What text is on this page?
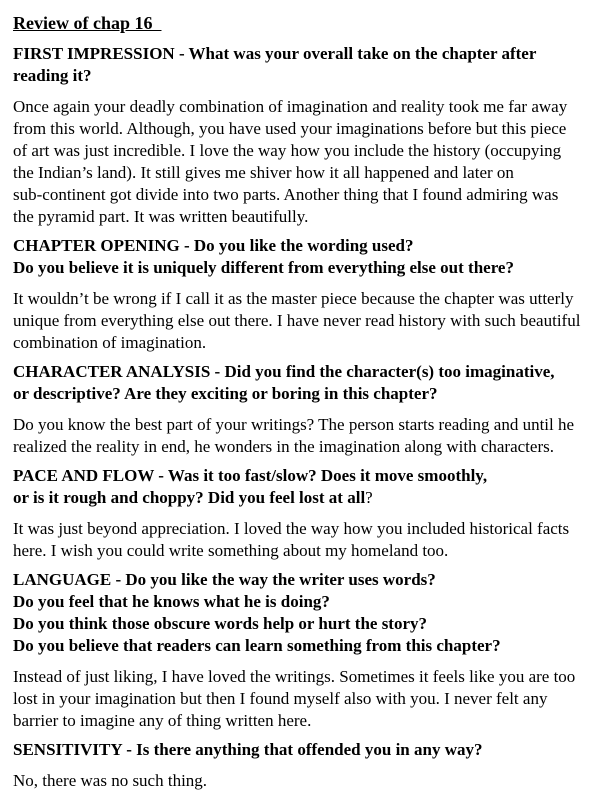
Review of chap 16
FIRST IMPRESSION - What was your overall take on the chapter after
reading it?
Once again your deadly combination of imagination and reality took me far away
from this world. Although, you have used your imaginations before but this piece
of art was just incredible. I love the way how you include the history (occupying
the Indian’s land). It still gives me shiver how it all happened and later on
sub-continent got divide into two parts. Another thing that I found admiring was
the pyramid part. It was written beautifully.
CHAPTER OPENING - Do you like the wording used?
Do you believe it is uniquely different from everything else out there?
It wouldn’t be wrong if I call it as the master piece because the chapter was utterly
unique from everything else out there. I have never read history with such beautiful
combination of imagination.
CHARACTER ANALYSIS - Did you find the character(s) too imaginative,
or descriptive? Are they exciting or boring in this chapter?
Do you know the best part of your writings? The person starts reading and until he
realized the reality in end, he wonders in the imagination along with characters.
PACE AND FLOW - Was it too fast/slow? Does it move smoothly,
or is it rough and choppy? Did you feel lost at all?
It was just beyond appreciation. I loved the way how you included historical facts
here. I wish you could write something about my homeland too.
LANGUAGE - Do you like the way the writer uses words?
Do you feel that he knows what he is doing?
Do you think those obscure words help or hurt the story?
Do you believe that readers can learn something from this chapter?
Instead of just liking, I have loved the writings. Sometimes it feels like you are too
lost in your imagination but then I found myself also with you. I never felt any
barrier to imagine any of thing written here.
SENSITIVITY - Is there anything that offended you in any way?
No, there was no such thing.
